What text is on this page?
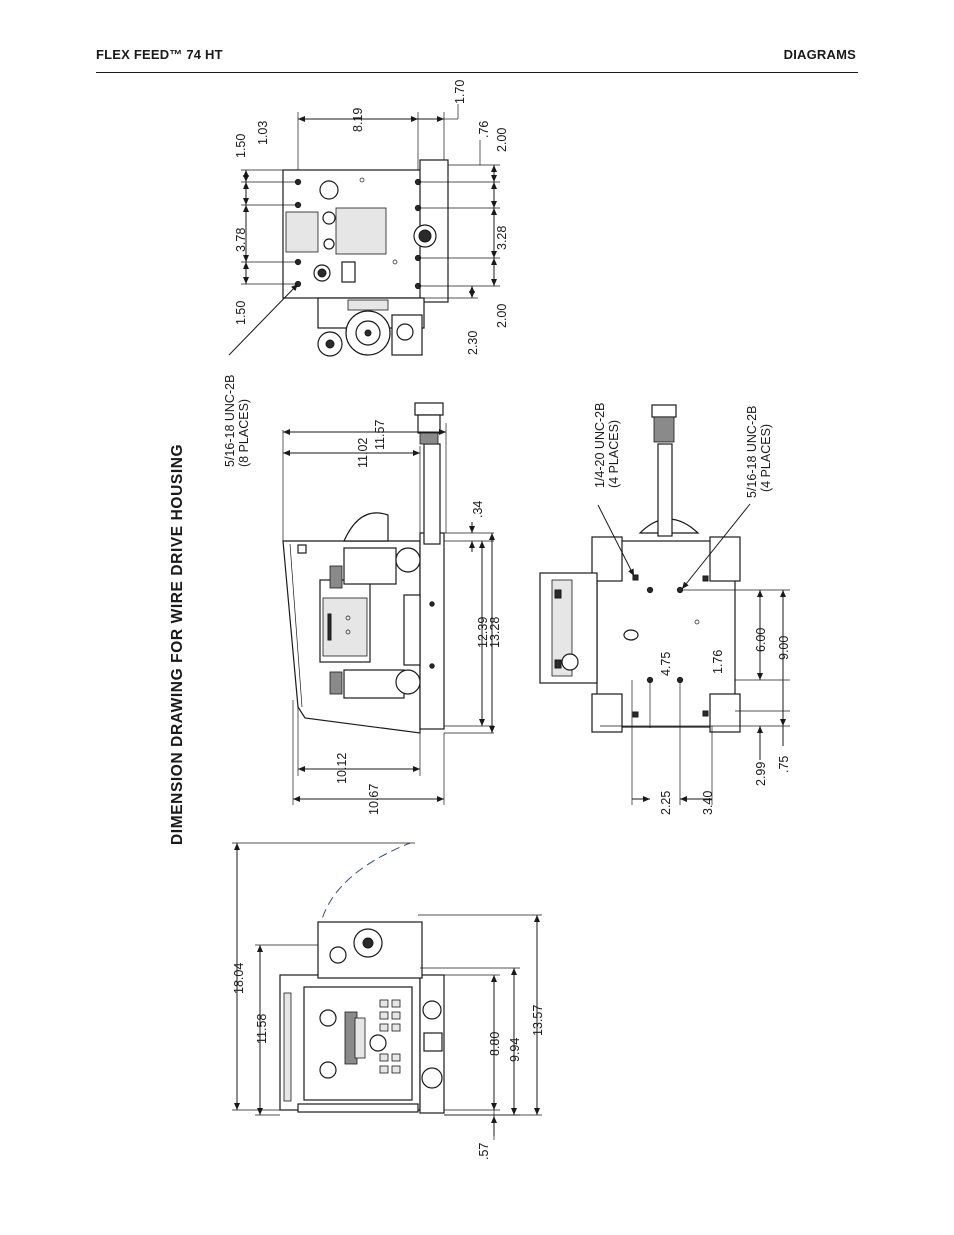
FLEX FEED™ 74 HT	DIAGRAMS
DIMENSION DRAWING FOR WIRE DRIVE HOUSING
1.70
8.19	.76 2.00
1.03
1.50
3.78
1.50
3.28
2.00
2.30
5/16-18 UNC-2B (8 PLACES)	11.57
11.02
.34
12.39
13.28
10.12
10.67
1/4-20 UNC-2B (4 PLACES)	5/16-18 UNC-2B (4 PLACES)
4.75	1.76
6.00 9.00
2.25 3.40
2.99 .75
18.04
11.58	8.80 9.94
13.57
.57
